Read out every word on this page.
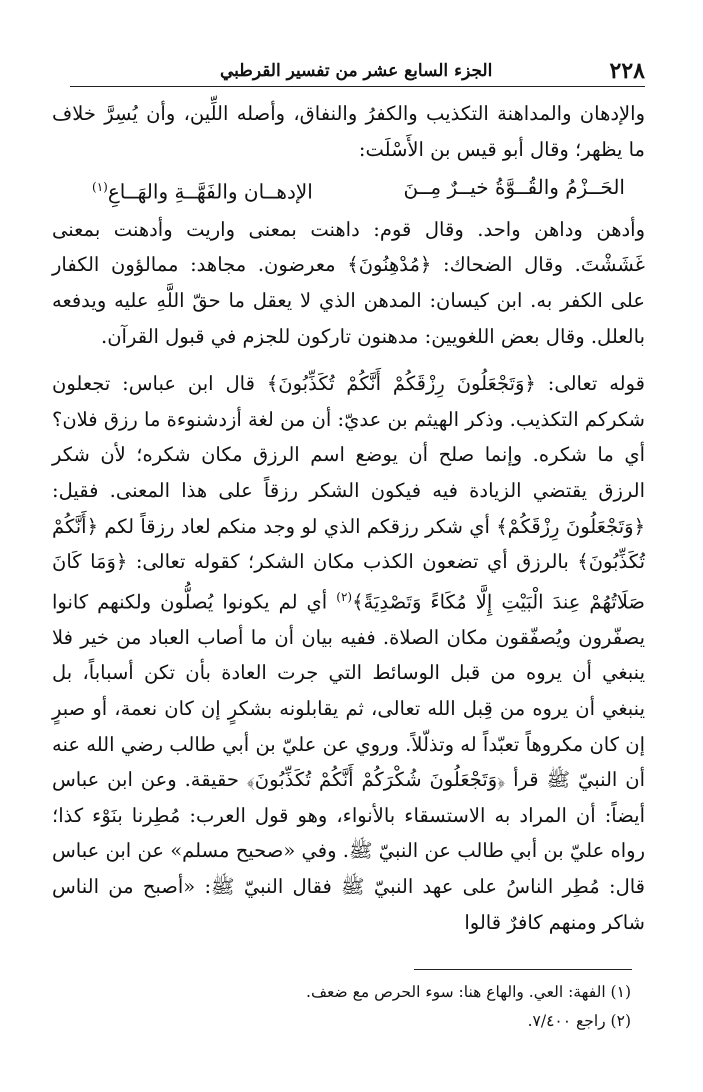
٢٢٨
الجزء السابع عشر من تفسير القرطبي

والإدهان والمداهنة التكذيب والكفرُ والنفاق، وأصله اللِّين، وأن يُسِرَّ خلاف ما يظهر؛ وقال أبو قيس بن الأَسْلَت:

الحَــزْمُ والقُــوَّةُ خيــرٌ مِــنَ
الإدهــان والفَهَّــةِ والهَــاعِ$^{(١)}$

وأدهن وداهن واحد. وقال قوم: داهنت بمعنى واريت وأدهنت بمعنى غَشَشْتَ. وقال الضحاك: ﴿مُدْهِنُونَ﴾ معرضون. مجاهد: ممالؤون الكفار على الكفر به. ابن كيسان: المدهن الذي لا يعقل ما حقّ اللَّهِ عليه ويدفعه بالعلل. وقال بعض اللغويين: مدهنون تاركون للجزم في قبول القرآن.

قوله تعالى: ﴿وَتَجْعَلُونَ رِزْقَكُمْ أَنَّكُمْ تُكَذِّبُونَ﴾ قال ابن عباس: تجعلون شكركم التكذيب. وذكر الهيثم بن عديّ: أن من لغة أزدشنوءة ما رزق فلان؟ أي ما شكره. وإنما صلح أن يوضع اسم الرزق مكان شكره؛ لأن شكر الرزق يقتضي الزيادة فيه فيكون الشكر رزقاً على هذا المعنى. فقيل: ﴿وَتَجْعَلُونَ رِزْقَكُمْ﴾ أي شكر رزقكم الذي لو وجد منكم لعاد رزقاً لكم ﴿أَنَّكُمْ تُكَذِّبُونَ﴾ بالرزق أي تضعون الكذب مكان الشكر؛ كقوله تعالى: ﴿وَمَا كَانَ صَلَاتُهُمْ عِندَ الْبَيْتِ إِلَّا مُكَاءً وَتَصْدِيَةً﴾$^{(٢)}$ أي لم يكونوا يُصلُّون ولكنهم كانوا يصفّرون ويُصفّقون مكان الصلاة. ففيه بيان أن ما أصاب العباد من خير فلا ينبغي أن يروه من قبل الوسائط التي جرت العادة بأن تكن أسباباً، بل ينبغي أن يروه من قِبل الله تعالى، ثم يقابلونه بشكرٍ إن كان نعمة، أو صبرٍ إن كان مكروهاً تعبّداً له وتذلّلاً. وروي عن عليّ بن أبي طالب رضي الله عنه أن النبيّ ﷺ قرأ ﴿وَتَجْعَلُونَ شُكْرَكُمْ أَنَّكُمْ تُكَذِّبُونَ﴾ حقيقة. وعن ابن عباس أيضاً: أن المراد به الاستسقاء بالأنواء، وهو قول العرب: مُطِرنا بنَوْء كذا؛ رواه عليّ بن أبي طالب عن النبيّ ﷺ. وفي «صحيح مسلم» عن ابن عباس قال: مُطِر الناسُ على عهد النبيّ ﷺ فقال النبيّ ﷺ: «أصبح من الناس شاكر ومنهم كافرٌ قالوا

(١) الفهة: العي. والهاع هنا: سوء الحرص مع ضعف.
(٢) راجع ٧/٤٠٠.
